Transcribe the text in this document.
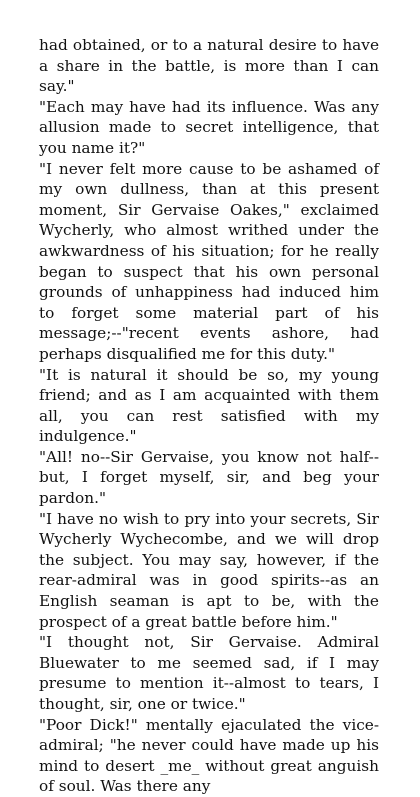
had obtained, or to a natural desire to have a share in the battle, is more than I can say."

"Each may have had its influence. Was any allusion made to secret intelligence, that you name it?"

"I never felt more cause to be ashamed of my own dullness, than at this present moment, Sir Gervaise Oakes," exclaimed Wycherly, who almost writhed under the awkwardness of his situation; for he really began to suspect that his own personal grounds of unhappiness had induced him to forget some material part of his message;--"recent events ashore, had perhaps disqualified me for this duty."

"It is natural it should be so, my young friend; and as I am acquainted with them all, you can rest satisfied with my indulgence."

"All! no--Sir Gervaise, you know not half--but, I forget myself, sir, and beg your pardon."

"I have no wish to pry into your secrets, Sir Wycherly Wychecombe, and we will drop the subject. You may say, however, if the rear-admiral was in good spirits--as an English seaman is apt to be, with the prospect of a great battle before him."

"I thought not, Sir Gervaise. Admiral Bluewater to me seemed sad, if I may presume to mention it--almost to tears, I thought, sir, one or twice."

"Poor Dick!" mentally ejaculated the vice-admiral; "he never could have made up his mind to desert _me_ without great anguish of soul. Was there any
